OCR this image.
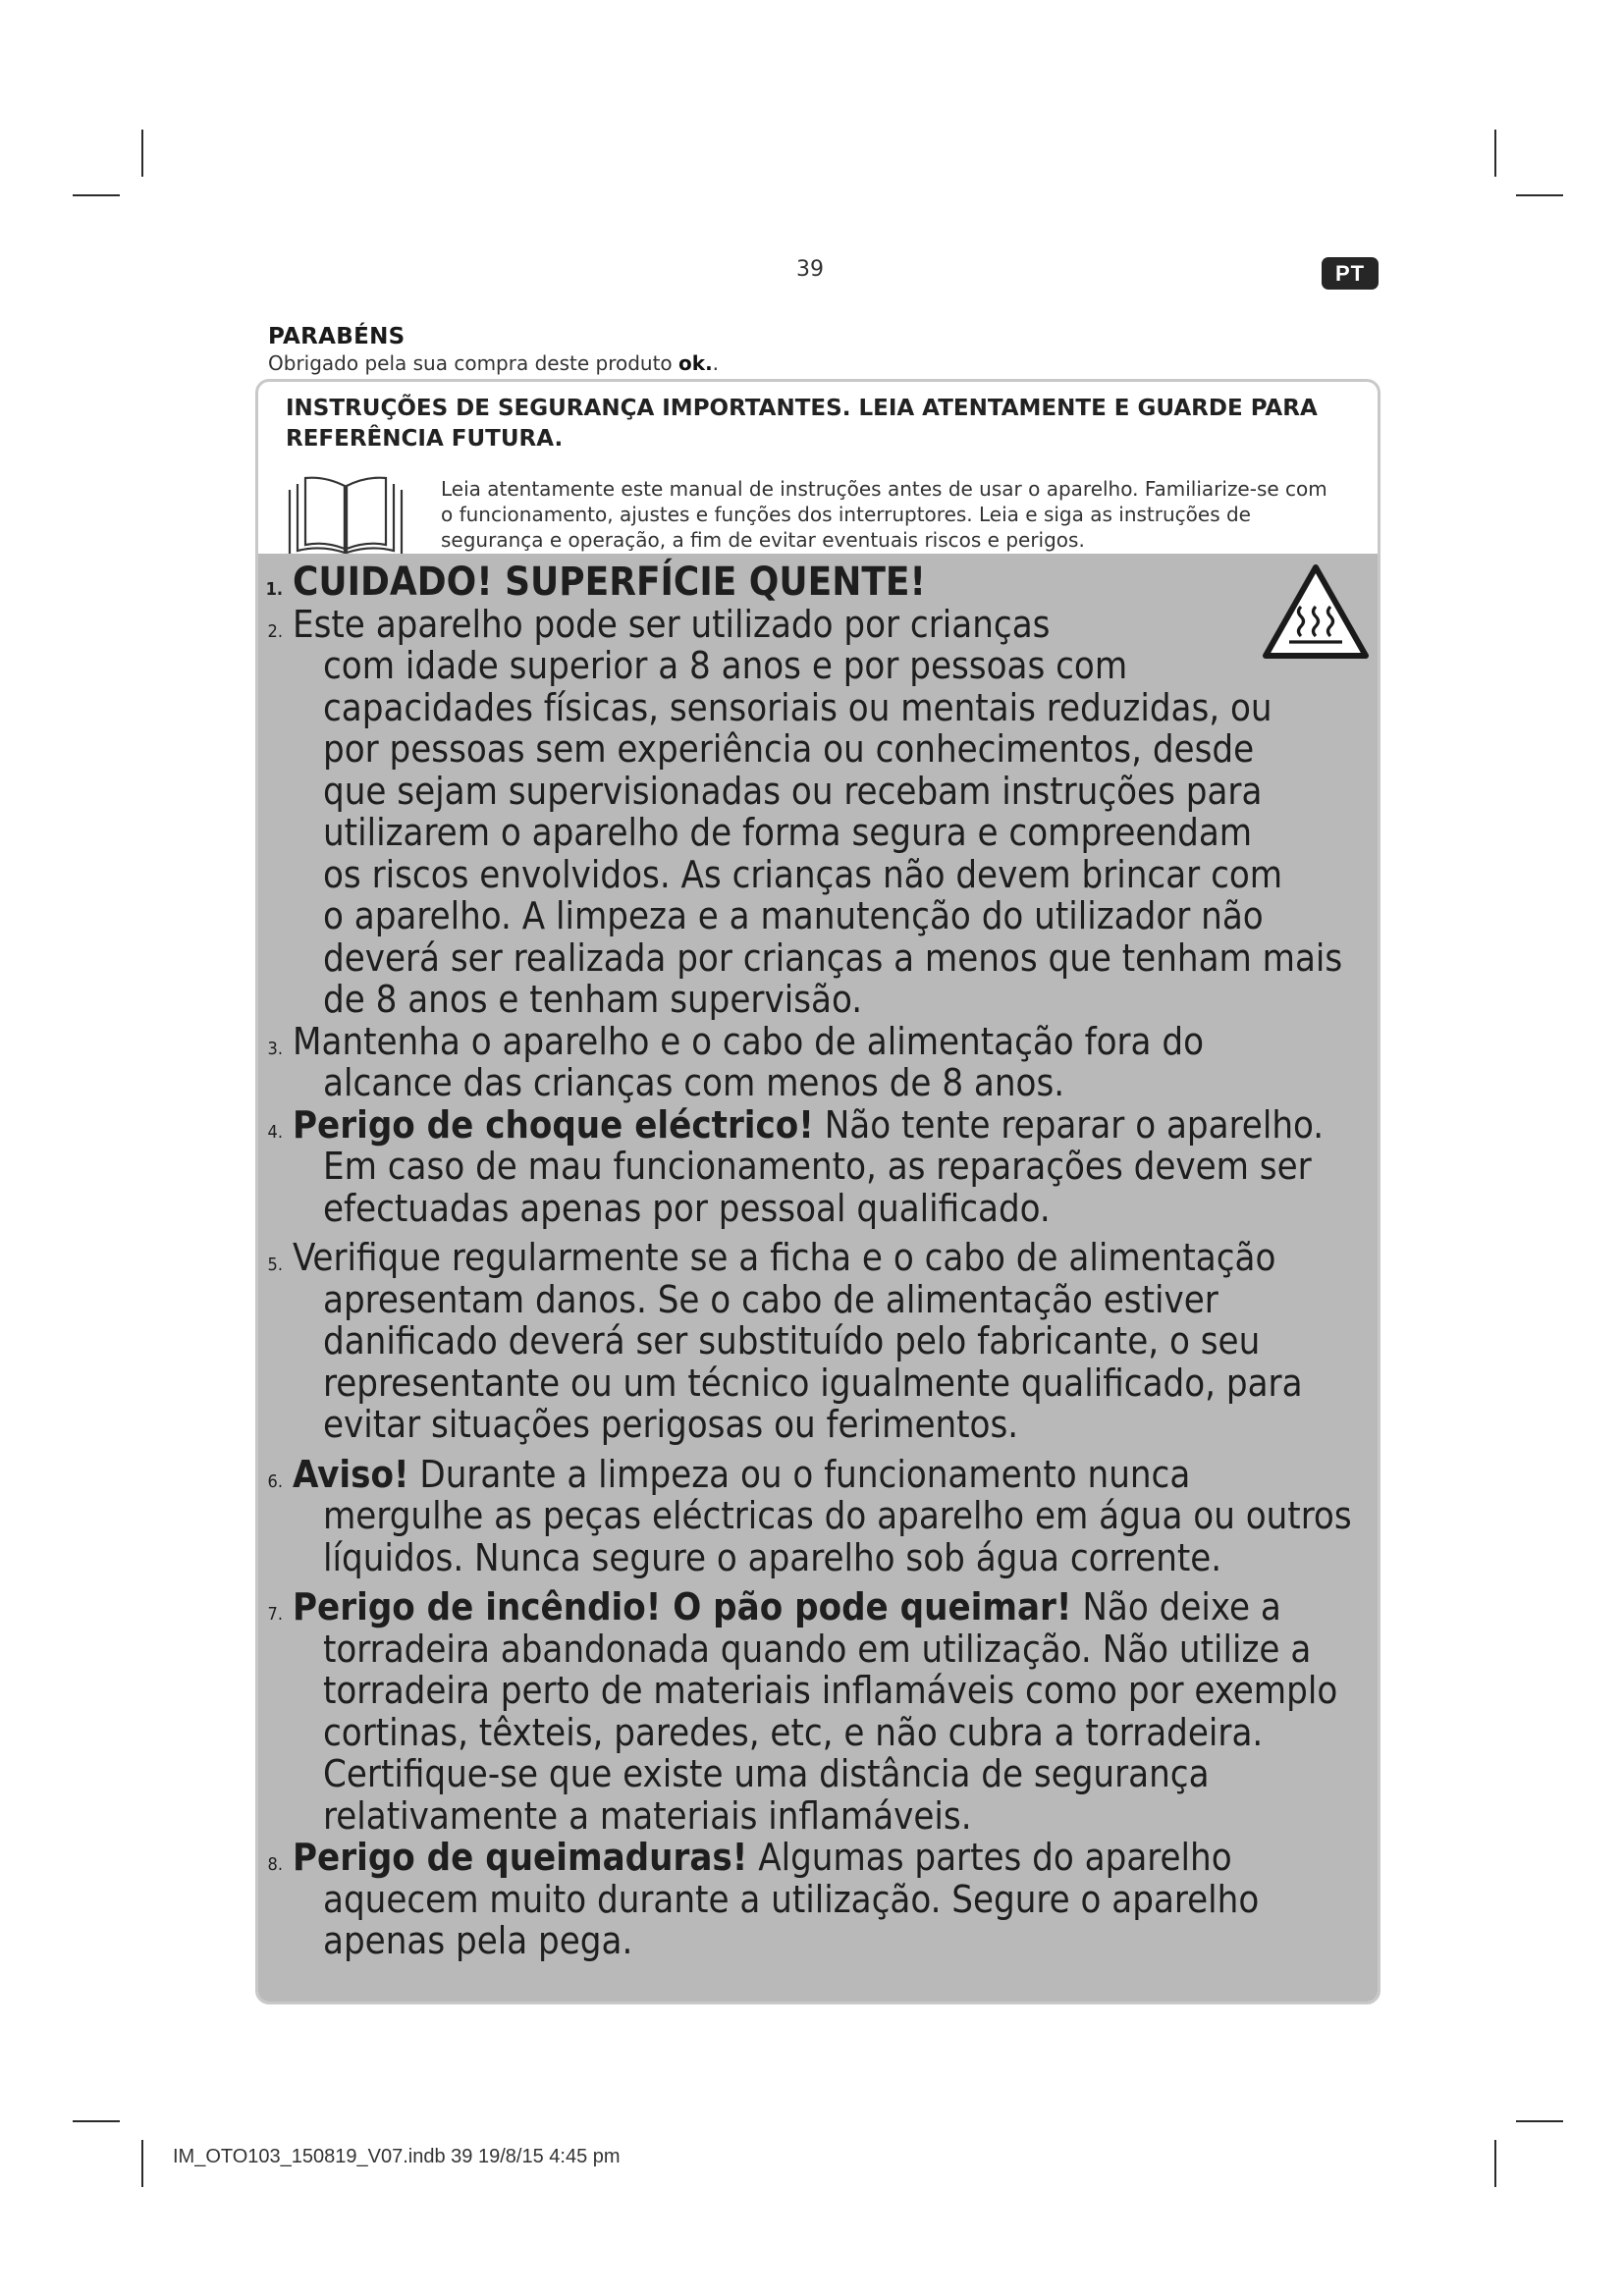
39	PT
PARABÉNS
Obrigado pela sua compra deste produto ok..
INSTRUÇÕES DE SEGURANÇA IMPORTANTES. LEIA ATENTAMENTE E GUARDE PARA REFERÊNCIA FUTURA.
Leia atentamente este manual de instruções antes de usar o aparelho. Familiarize-se com o funcionamento, ajustes e funções dos interruptores. Leia e siga as instruções de segurança e operação, a fim de evitar eventuais riscos e perigos.
1. CUIDADO! SUPERFÍCIE QUENTE!
2. Este aparelho pode ser utilizado por crianças
com idade superior a 8 anos e por pessoas com
capacidades físicas, sensoriais ou mentais reduzidas, ou
por pessoas sem experiência ou conhecimentos, desde
que sejam supervisionadas ou recebam instruções para
utilizarem o aparelho de forma segura e compreendam
os riscos envolvidos. As crianças não devem brincar com
o aparelho. A limpeza e a manutenção do utilizador não
deverá ser realizada por crianças a menos que tenham mais
de 8 anos e tenham supervisão.
3. Mantenha o aparelho e o cabo de alimentação fora do
alcance das crianças com menos de 8 anos.
4. Perigo de choque eléctrico! Não tente reparar o aparelho.
Em caso de mau funcionamento, as reparações devem ser
efectuadas apenas por pessoal qualificado.
5. Verifique regularmente se a ficha e o cabo de alimentação
apresentam danos. Se o cabo de alimentação estiver
danificado deverá ser substituído pelo fabricante, o seu
representante ou um técnico igualmente qualificado, para
evitar situações perigosas ou ferimentos.
6. Aviso! Durante a limpeza ou o funcionamento nunca
mergulhe as peças eléctricas do aparelho em água ou outros
líquidos. Nunca segure o aparelho sob água corrente.
7. Perigo de incêndio! O pão pode queimar! Não deixe a
torradeira abandonada quando em utilização. Não utilize a
torradeira perto de materiais inflamáveis como por exemplo
cortinas, têxteis, paredes, etc, e não cubra a torradeira.
Certifique-se que existe uma distância de segurança
relativamente a materiais inflamáveis.
8. Perigo de queimaduras! Algumas partes do aparelho
aquecem muito durante a utilização. Segure o aparelho
apenas pela pega.
IM_OTO103_150819_V07.indb 39 19/8/15 4:45 pm
